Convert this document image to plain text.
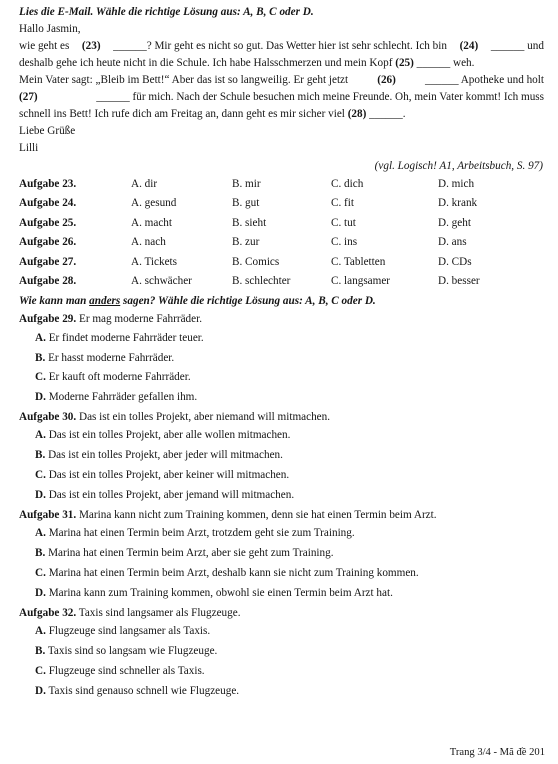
Lies die E-Mail. Wähle die richtige Lösung aus: A, B, C oder D.
Hallo Jasmin,
wie geht es (23) ______? Mir geht es nicht so gut. Das Wetter hier ist sehr schlecht. Ich bin (24) ______ und
deshalb gehe ich heute nicht in die Schule. Ich habe Halsschmerzen und mein Kopf (25) ______ weh.
Mein Vater sagt: „Bleib im Bett!“ Aber das ist so langweilig. Er geht jetzt	(26)	______ Apotheke und holt
(27)	______ für mich. Nach der Schule besuchen mich meine Freunde. Oh, mein Vater kommt! Ich muss
schnell ins Bett! Ich rufe dich am Freitag an, dann geht es mir sicher viel (28) ______.
Liebe Grüße
Lilli
(vgl. Logisch! A1, Arbeitsbuch, S. 97)
Aufgabe 23.	A. dir	B. mir	C. dich	D. mich
Aufgabe 24.	A. gesund	B. gut	C. fit	D. krank
Aufgabe 25.	A. macht	B. sieht	C. tut	D. geht
Aufgabe 26.	A. nach	B. zur	C. ins	D. ans
Aufgabe 27.	A. Tickets	B. Comics	C. Tabletten	D. CDs
Aufgabe 28.	A. schwächer	B. schlechter	C. langsamer	D. besser
Wie kann man anders sagen? Wähle die richtige Lösung aus: A, B, C oder D.
Aufgabe 29. Er mag moderne Fahrräder.
A. Er findet moderne Fahrräder teuer.
B. Er hasst moderne Fahrräder.
C. Er kauft oft moderne Fahrräder.
D. Moderne Fahrräder gefallen ihm.
Aufgabe 30. Das ist ein tolles Projekt, aber niemand will mitmachen.
A. Das ist ein tolles Projekt, aber alle wollen mitmachen.
B. Das ist ein tolles Projekt, aber jeder will mitmachen.
C. Das ist ein tolles Projekt, aber keiner will mitmachen.
D. Das ist ein tolles Projekt, aber jemand will mitmachen.
Aufgabe 31. Marina kann nicht zum Training kommen, denn sie hat einen Termin beim Arzt.
A. Marina hat einen Termin beim Arzt, trotzdem geht sie zum Training.
B. Marina hat einen Termin beim Arzt, aber sie geht zum Training.
C. Marina hat einen Termin beim Arzt, deshalb kann sie nicht zum Training kommen.
D. Marina kann zum Training kommen, obwohl sie einen Termin beim Arzt hat.
Aufgabe 32. Taxis sind langsamer als Flugzeuge.
A. Flugzeuge sind langsamer als Taxis.
B. Taxis sind so langsam wie Flugzeuge.
C. Flugzeuge sind schneller als Taxis.
D. Taxis sind genauso schnell wie Flugzeuge.
Trang 3/4 - Mã đề 201
